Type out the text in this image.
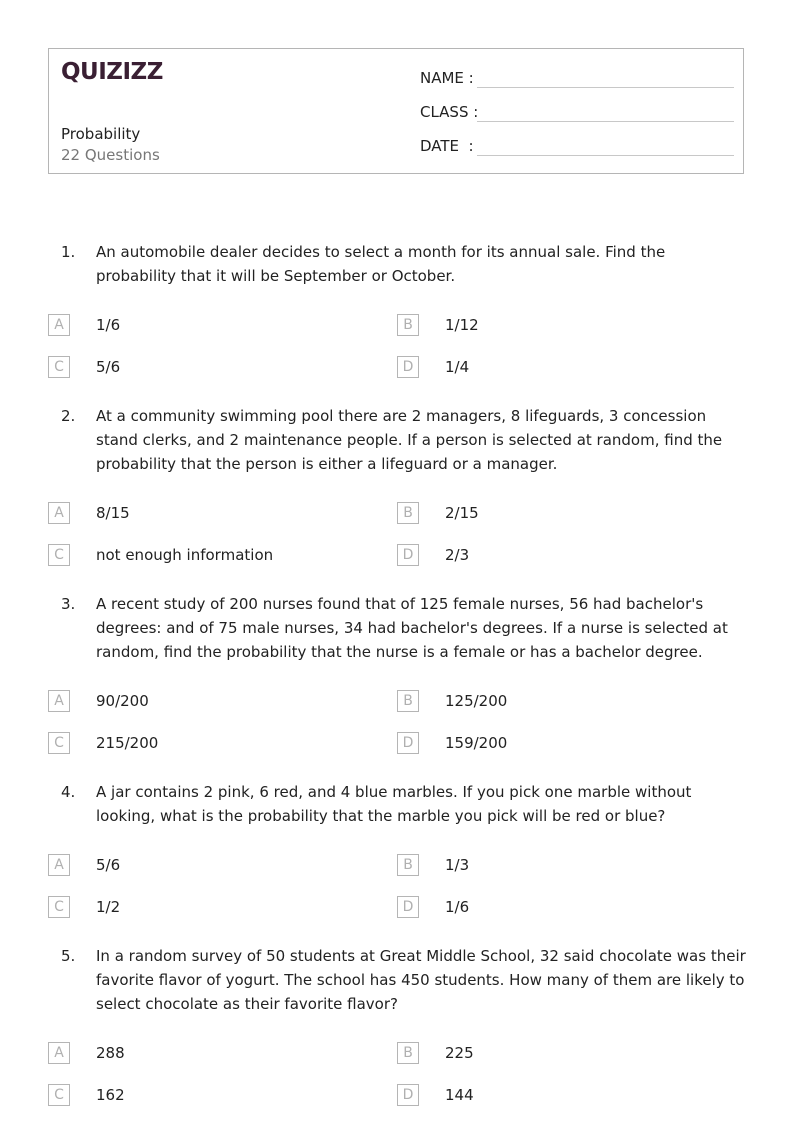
QUIZIZZ
Probability
22 Questions
NAME :
CLASS :
DATE  :
1. An automobile dealer decides to select a month for its annual sale. Find the probability that it will be September or October.
A	1/6	B	1/12
C	5/6	D	1/4
2. At a community swimming pool there are 2 managers, 8 lifeguards, 3 concession stand clerks, and 2 maintenance people. If a person is selected at random, find the probability that the person is either a lifeguard or a manager.
A	8/15	B	2/15
C	not enough information	D	2/3
3. A recent study of 200 nurses found that of 125 female nurses, 56 had bachelor's degrees: and of 75 male nurses, 34 had bachelor's degrees. If a nurse is selected at random, find the probability that the nurse is a female or has a bachelor degree.
A	90/200	B	125/200
C	215/200	D	159/200
4. A jar contains 2 pink, 6 red, and 4 blue marbles. If you pick one marble without looking, what is the probability that the marble you pick will be red or blue?
A	5/6	B	1/3
C	1/2	D	1/6
5. In a random survey of 50 students at Great Middle School, 32 said chocolate was their favorite flavor of yogurt. The school has 450 students. How many of them are likely to select chocolate as their favorite flavor?
A	288	B	225
C	162	D	144
